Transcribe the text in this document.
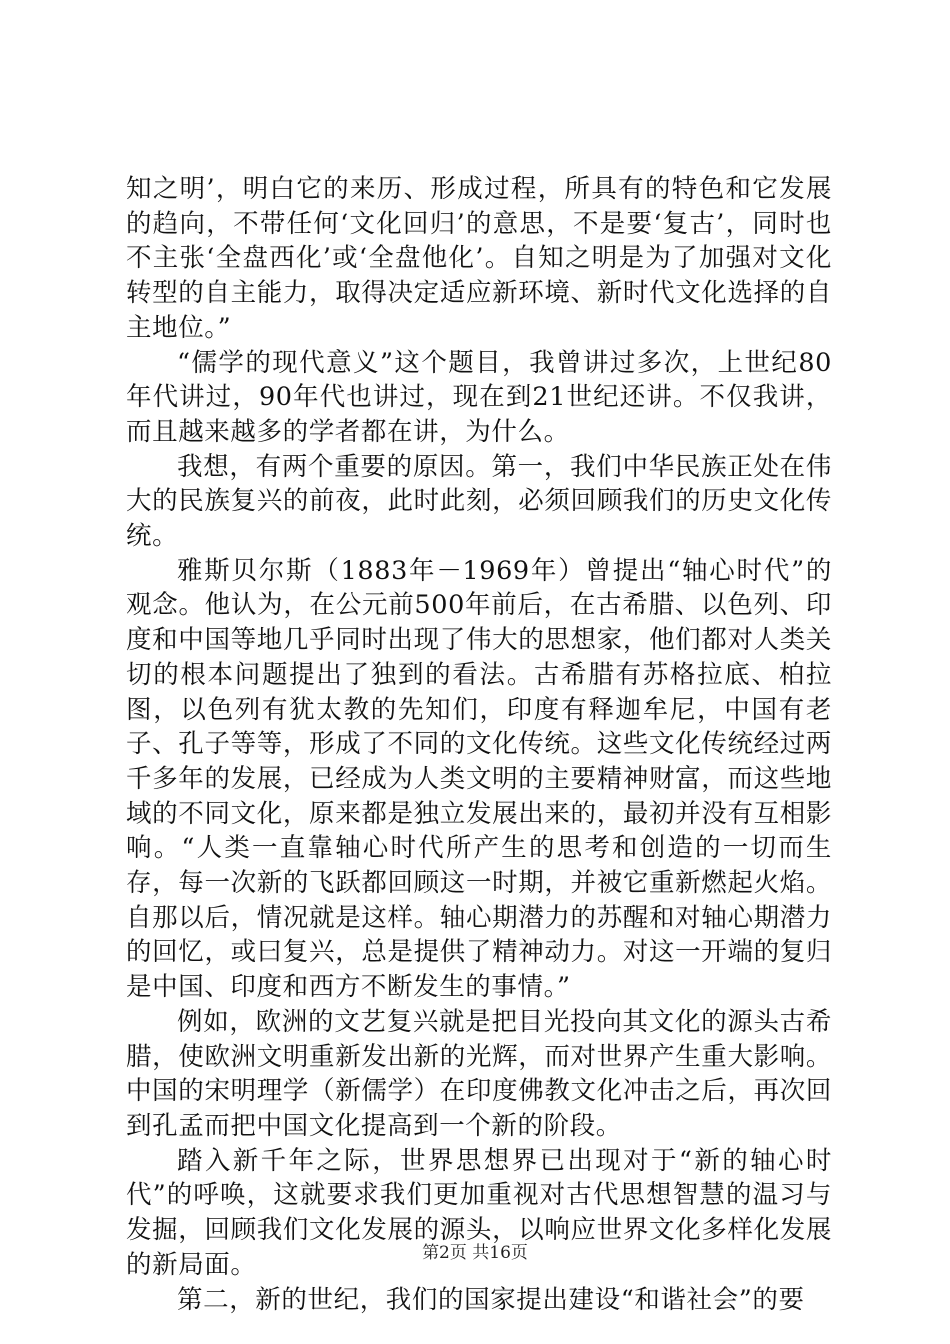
知之明’，明白它的来历、形成过程，所具有的特色和它发展的趋向，不带任何‘文化回归’的意思，不是要‘复古’，同时也不主张‘全盘西化’或‘全盘他化’。自知之明是为了加强对文化转型的自主能力，取得决定适应新环境、新时代文化选择的自主地位。”

“儒学的现代意义”这个题目，我曾讲过多次，上世纪80年代讲过，90年代也讲过，现在到21世纪还讲。不仅我讲，而且越来越多的学者都在讲，为什么。

我想，有两个重要的原因。第一，我们中华民族正处在伟大的民族复兴的前夜，此时此刻，必须回顾我们的历史文化传统。

雅斯贝尔斯（1883年－1969年）曾提出“轴心时代”的观念。他认为，在公元前500年前后，在古希腊、以色列、印度和中国等地几乎同时出现了伟大的思想家，他们都对人类关切的根本问题提出了独到的看法。古希腊有苏格拉底、柏拉图，以色列有犹太教的先知们，印度有释迦牟尼，中国有老子、孔子等等，形成了不同的文化传统。这些文化传统经过两千多年的发展，已经成为人类文明的主要精神财富，而这些地域的不同文化，原来都是独立发展出来的，最初并没有互相影响。“人类一直靠轴心时代所产生的思考和创造的一切而生存，每一次新的飞跃都回顾这一时期，并被它重新燃起火焰。自那以后，情况就是这样。轴心期潜力的苏醒和对轴心期潜力的回忆，或曰复兴，总是提供了精神动力。对这一开端的复归是中国、印度和西方不断发生的事情。”

例如，欧洲的文艺复兴就是把目光投向其文化的源头古希腊，使欧洲文明重新发出新的光辉，而对世界产生重大影响。中国的宋明理学（新儒学）在印度佛教文化冲击之后，再次回到孔孟而把中国文化提高到一个新的阶段。

踏入新千年之际，世界思想界已出现对于“新的轴心时代”的呼唤，这就要求我们更加重视对古代思想智慧的温习与发掘，回顾我们文化发展的源头，以响应世界文化多样化发展的新局面。

第二，新的世纪，我们的国家提出建设“和谐社会”的要

第2页 共16页
